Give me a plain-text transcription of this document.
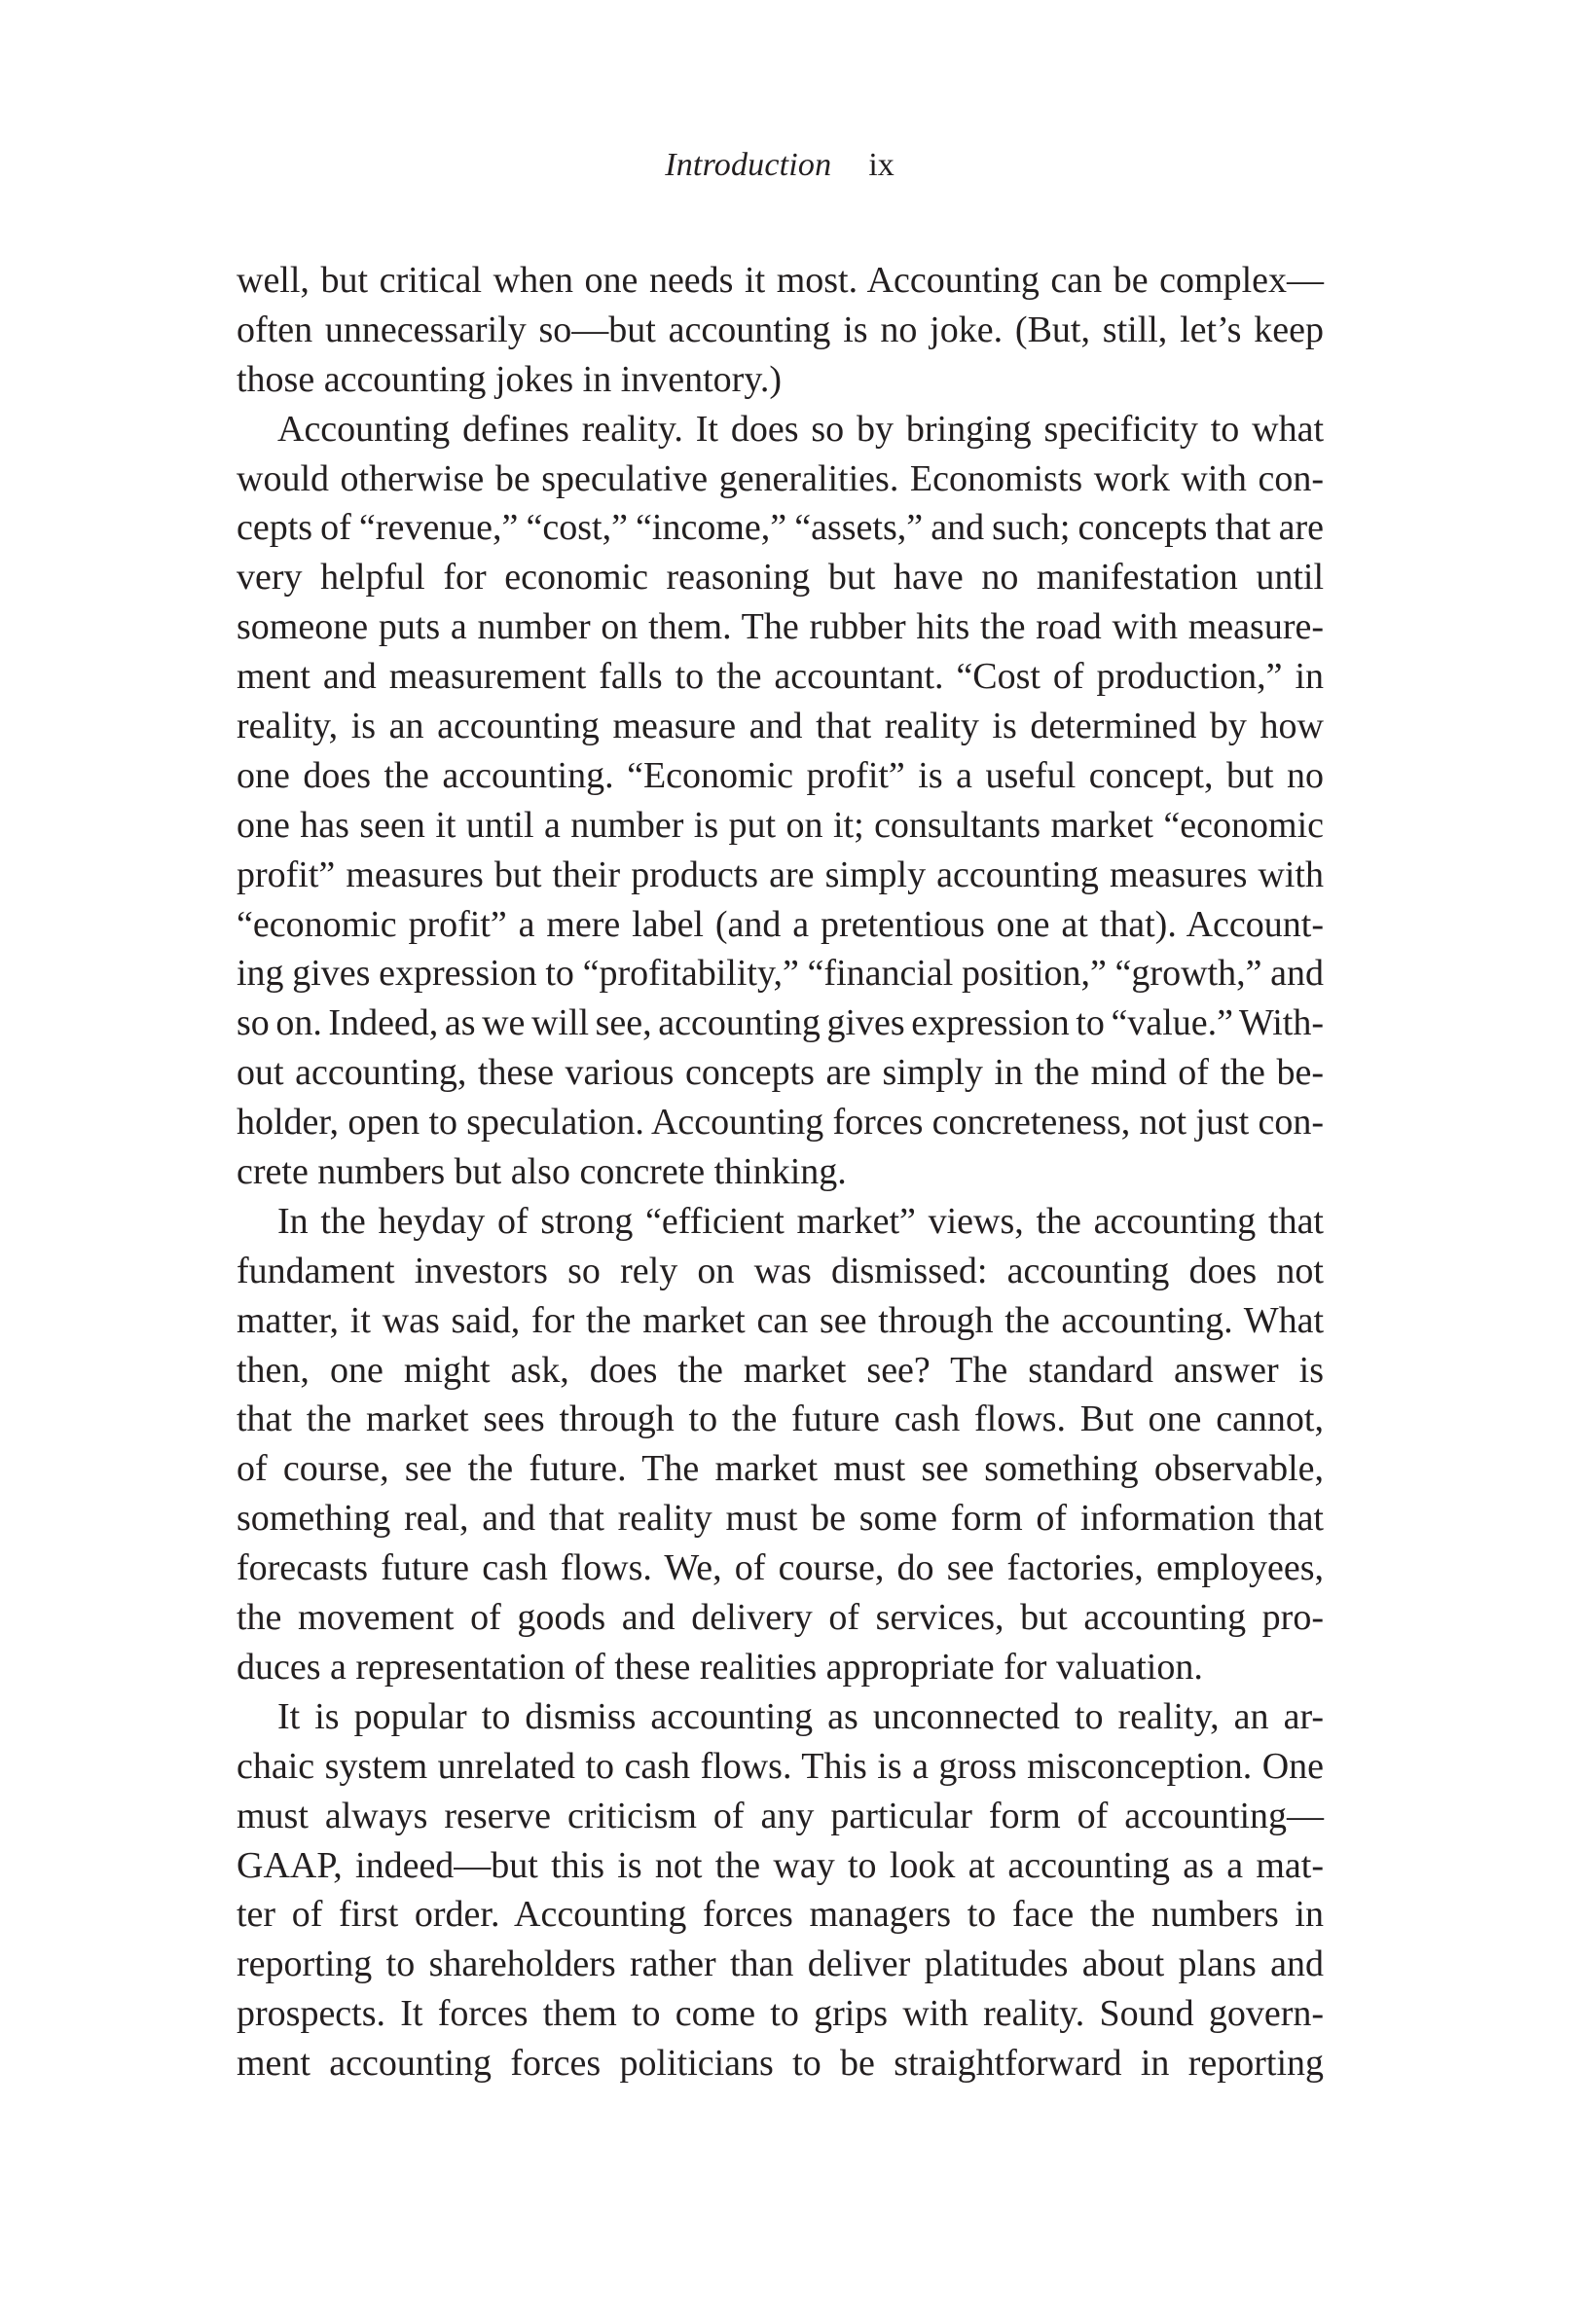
Introduction ix
well, but critical when one needs it most. Accounting can be complex—
often unnecessarily so—but accounting is no joke. (But, still, let’s keep
those accounting jokes in inventory.)
Accounting defines reality. It does so by bringing specificity to what
would otherwise be speculative generalities. Economists work with con-
cepts of “revenue,” “cost,” “income,” “assets,” and such; concepts that are
very helpful for economic reasoning but have no manifestation until
someone puts a number on them. The rubber hits the road with measure-
ment and measurement falls to the accountant. “Cost of production,” in
reality, is an accounting measure and that reality is determined by how
one does the accounting. “Economic profit” is a useful concept, but no
one has seen it until a number is put on it; consultants market “economic
profit” measures but their products are simply accounting measures with
“economic profit” a mere label (and a pretentious one at that). Account-
ing gives expression to “profitability,” “financial position,” “growth,” and
so on. Indeed, as we will see, accounting gives expression to “value.” With-
out accounting, these various concepts are simply in the mind of the be-
holder, open to speculation. Accounting forces concreteness, not just con-
crete numbers but also concrete thinking.
In the heyday of strong “efficient market” views, the accounting that
fundament investors so rely on was dismissed: accounting does not
matter, it was said, for the market can see through the accounting. What
then, one might ask, does the market see? The standard answer is
that the market sees through to the future cash flows. But one cannot,
of course, see the future. The market must see something observable,
something real, and that reality must be some form of information that
forecasts future cash flows. We, of course, do see factories, employees,
the movement of goods and delivery of services, but accounting pro-
duces a representation of these realities appropriate for valuation.
It is popular to dismiss accounting as unconnected to reality, an ar-
chaic system unrelated to cash flows. This is a gross misconception. One
must always reserve criticism of any particular form of accounting—
GAAP, indeed—but this is not the way to look at accounting as a mat-
ter of first order. Accounting forces managers to face the numbers in
reporting to shareholders rather than deliver platitudes about plans and
prospects. It forces them to come to grips with reality. Sound govern-
ment accounting forces politicians to be straightforward in reporting
